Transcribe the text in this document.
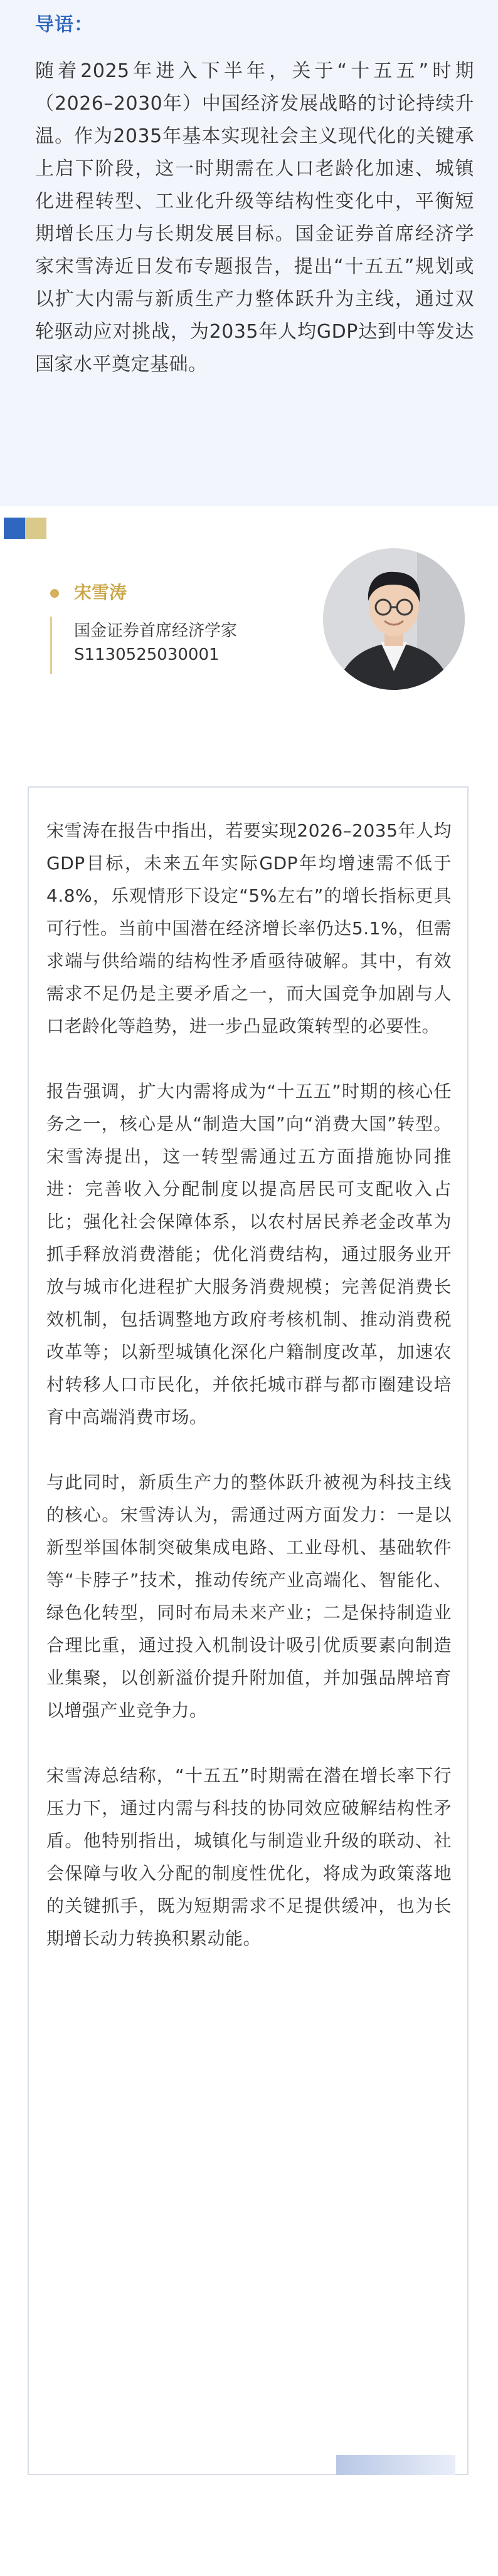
导语：
随着2025年进入下半年，关于“十五五”时期（2026–2030年）中国经济发展战略的讨论持续升温。作为2035年基本实现社会主义现代化的关键承上启下阶段，这一时期需在人口老龄化加速、城镇化进程转型、工业化升级等结构性变化中，平衡短期增长压力与长期发展目标。国金证券首席经济学家宋雪涛近日发布专题报告，提出“十五五”规划或以扩大内需与新质生产力整体跃升为主线，通过双轮驱动应对挑战，为2035年人均GDP达到中等发达国家水平奠定基础。
宋雪涛
国金证券首席经济学家
S1130525030001

宋雪涛在报告中指出，若要实现2026–2035年人均GDP目标，未来五年实际GDP年均增速需不低于4.8%，乐观情形下设定“5%左右”的增长指标更具可行性。当前中国潜在经济增长率仍达5.1%，但需求端与供给端的结构性矛盾亟待破解。其中，有效需求不足仍是主要矛盾之一，而大国竞争加剧与人口老龄化等趋势，进一步凸显政策转型的必要性。

报告强调，扩大内需将成为“十五五”时期的核心任务之一，核心是从“制造大国”向“消费大国”转型。宋雪涛提出，这一转型需通过五方面措施协同推进：完善收入分配制度以提高居民可支配收入占比；强化社会保障体系，以农村居民养老金改革为抓手释放消费潜能；优化消费结构，通过服务业开放与城市化进程扩大服务消费规模；完善促消费长效机制，包括调整地方政府考核机制、推动消费税改革等；以新型城镇化深化户籍制度改革，加速农村转移人口市民化，并依托城市群与都市圈建设培育中高端消费市场。

与此同时，新质生产力的整体跃升被视为科技主线的核心。宋雪涛认为，需通过两方面发力：一是以新型举国体制突破集成电路、工业母机、基础软件等“卡脖子”技术，推动传统产业高端化、智能化、绿色化转型，同时布局未来产业；二是保持制造业合理比重，通过投入机制设计吸引优质要素向制造业集聚，以创新溢价提升附加值，并加强品牌培育以增强产业竞争力。

宋雪涛总结称，“十五五”时期需在潜在增长率下行压力下，通过内需与科技的协同效应破解结构性矛盾。他特别指出，城镇化与制造业升级的联动、社会保障与收入分配的制度性优化，将成为政策落地的关键抓手，既为短期需求不足提供缓冲，也为长期增长动力转换积累动能。
